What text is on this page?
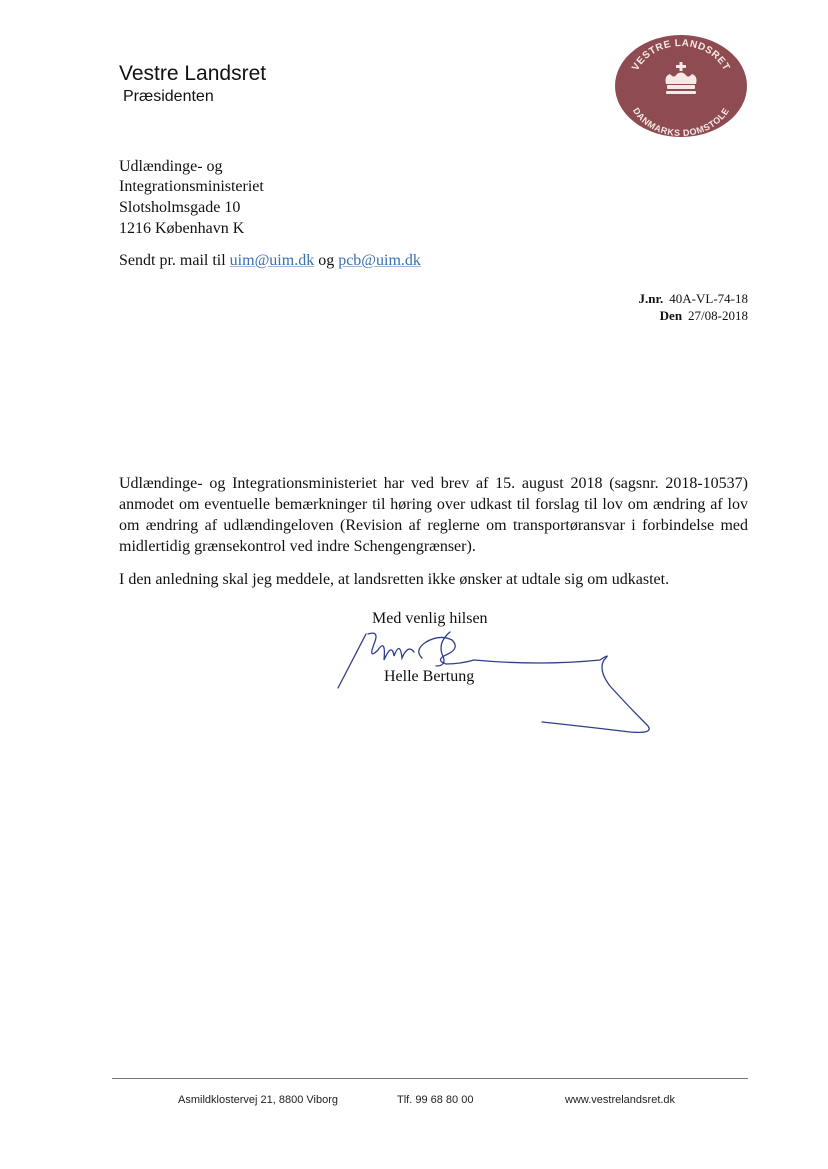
Vestre Landsret
Præsidenten
VESTRE LANDSRET
DANMARKS DOMSTOLE
Udlændinge- og
Integrationsministeriet
Slotsholmsgade 10
1216 København K
Sendt pr. mail til uim@uim.dk og pcb@uim.dk
J.nr. 40A-VL-74-18
Den 27/08-2018
Udlændinge- og Integrationsministeriet har ved brev af 15. august 2018 (sagsnr. 2018-10537) anmodet om eventuelle bemærkninger til høring over udkast til forslag til lov om ændring af lov om ændring af udlændingeloven (Revision af reglerne om transportøransvar i forbindelse med midlertidig grænsekontrol ved indre Schengengrænser).
I den anledning skal jeg meddele, at landsretten ikke ønsker at udtale sig om udkastet.
Med venlig hilsen
Helle Bertung
Asmildklostervej 21, 8800 Viborg	Tlf. 99 68 80 00	www.vestrelandsret.dk
